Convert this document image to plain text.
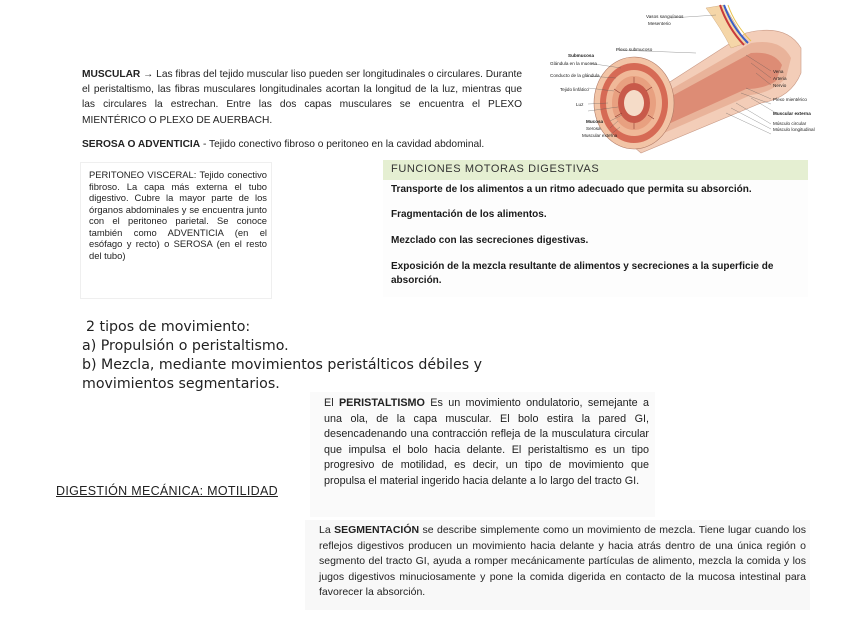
Vasos sanguíneos
Mesenterio
Plexo submucoso
Submucosa
Glándula en la mucosa
Conducto de la glándula
Tejido linfático
Luz
Mucosa
Serosa
Muscular externa
Vena
Arteria
Nervio
Plexo mientérico
Muscular externa
Músculo circular
Músculo longitudinal
MUSCULAR → Las fibras del tejido muscular liso pueden ser longitudinales o circulares. Durante el peristaltismo, las fibras musculares longitudinales acortan la longitud de la luz, mientras que las circulares la estrechan. Entre las dos capas musculares se encuentra el PLEXO MIENTÉRICO O PLEXO DE AUERBACH.
SEROSA O ADVENTICIA - Tejido conectivo fibroso o peritoneo en la cavidad abdominal.

PERITONEO VISCERAL: Tejido conectivo fibroso. La capa más externa el tubo digestivo. Cubre la mayor parte de los órganos abdominales y se encuentra junto con el peritoneo parietal. Se conoce también como ADVENTICIA (en el esófago y recto) o SEROSA (en el resto del tubo)

FUNCIONES MOTORAS DIGESTIVAS
Transporte de los alimentos a un ritmo adecuado que permita su absorción.
Fragmentación de los alimentos.
Mezclado con las secreciones digestivas.
Exposición de la mezcla resultante de alimentos y secreciones a la superficie de absorción.
2 tipos de movimiento:
a) Propulsión o peristaltismo.
b) Mezcla, mediante movimientos peristálticos débiles y
movimientos segmentarios.

El PERISTALTISMO Es un movimiento ondulatorio, semejante a una ola, de la capa muscular. El bolo estira la pared GI, desencadenando una contracción refleja de la musculatura circular que impulsa el bolo hacia delante. El peristaltismo es un tipo progresivo de motilidad, es decir, un tipo de movimiento que propulsa el material ingerido hacia delante a lo largo del tracto GI.

DIGESTIÓN MECÁNICA: MOTILIDAD

La SEGMENTACIÓN se describe simplemente como un movimiento de mezcla. Tiene lugar cuando los reflejos digestivos producen un movimiento hacia delante y hacia atrás dentro de una única región o segmento del tracto GI, ayuda a romper mecánicamente partículas de alimento, mezcla la comida y los jugos digestivos minuciosamente y pone la comida digerida en contacto de la mucosa intestinal para favorecer la absorción.
